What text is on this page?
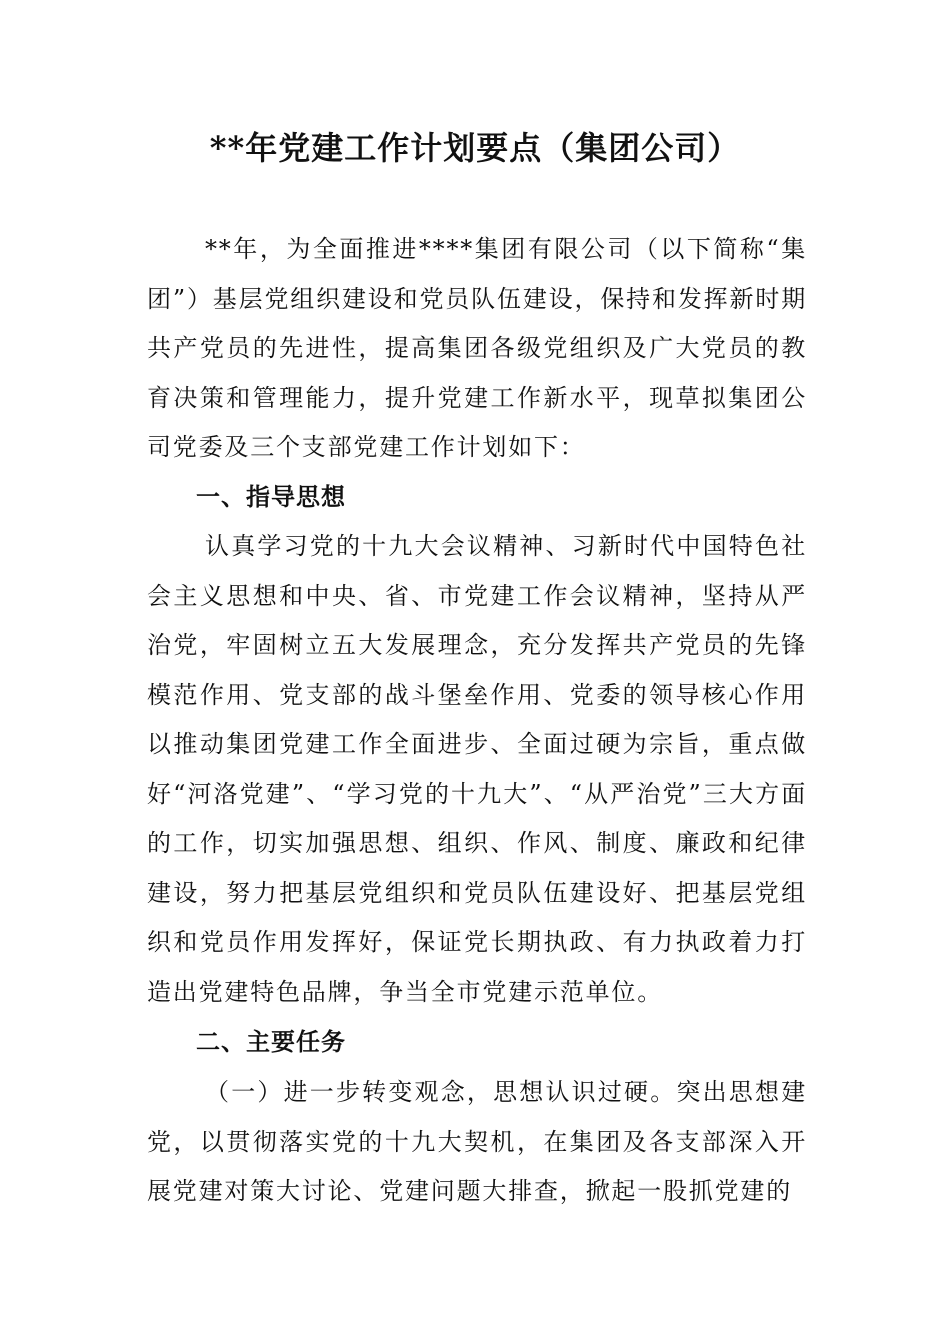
**年党建工作计划要点（集团公司）

**年，为全面推进****集团有限公司（以下简称“集团”）基层党组织建设和党员队伍建设，保持和发挥新时期共产党员的先进性，提高集团各级党组织及广大党员的教育决策和管理能力，提升党建工作新水平，现草拟集团公司党委及三个支部党建工作计划如下：

一、指导思想

认真学习党的十九大会议精神、习新时代中国特色社会主义思想和中央、省、市党建工作会议精神，坚持从严治党，牢固树立五大发展理念，充分发挥共产党员的先锋模范作用、党支部的战斗堡垒作用、党委的领导核心作用以推动集团党建工作全面进步、全面过硬为宗旨，重点做好“河洛党建”、“学习党的十九大”、“从严治党”三大方面的工作，切实加强思想、组织、作风、制度、廉政和纪律建设，努力把基层党组织和党员队伍建设好、把基层党组织和党员作用发挥好，保证党长期执政、有力执政着力打造出党建特色品牌，争当全市党建示范单位。

二、主要任务

（一）进一步转变观念，思想认识过硬。突出思想建党，以贯彻落实党的十九大契机，在集团及各支部深入开展党建对策大讨论、党建问题大排查，掀起一股抓党建的
